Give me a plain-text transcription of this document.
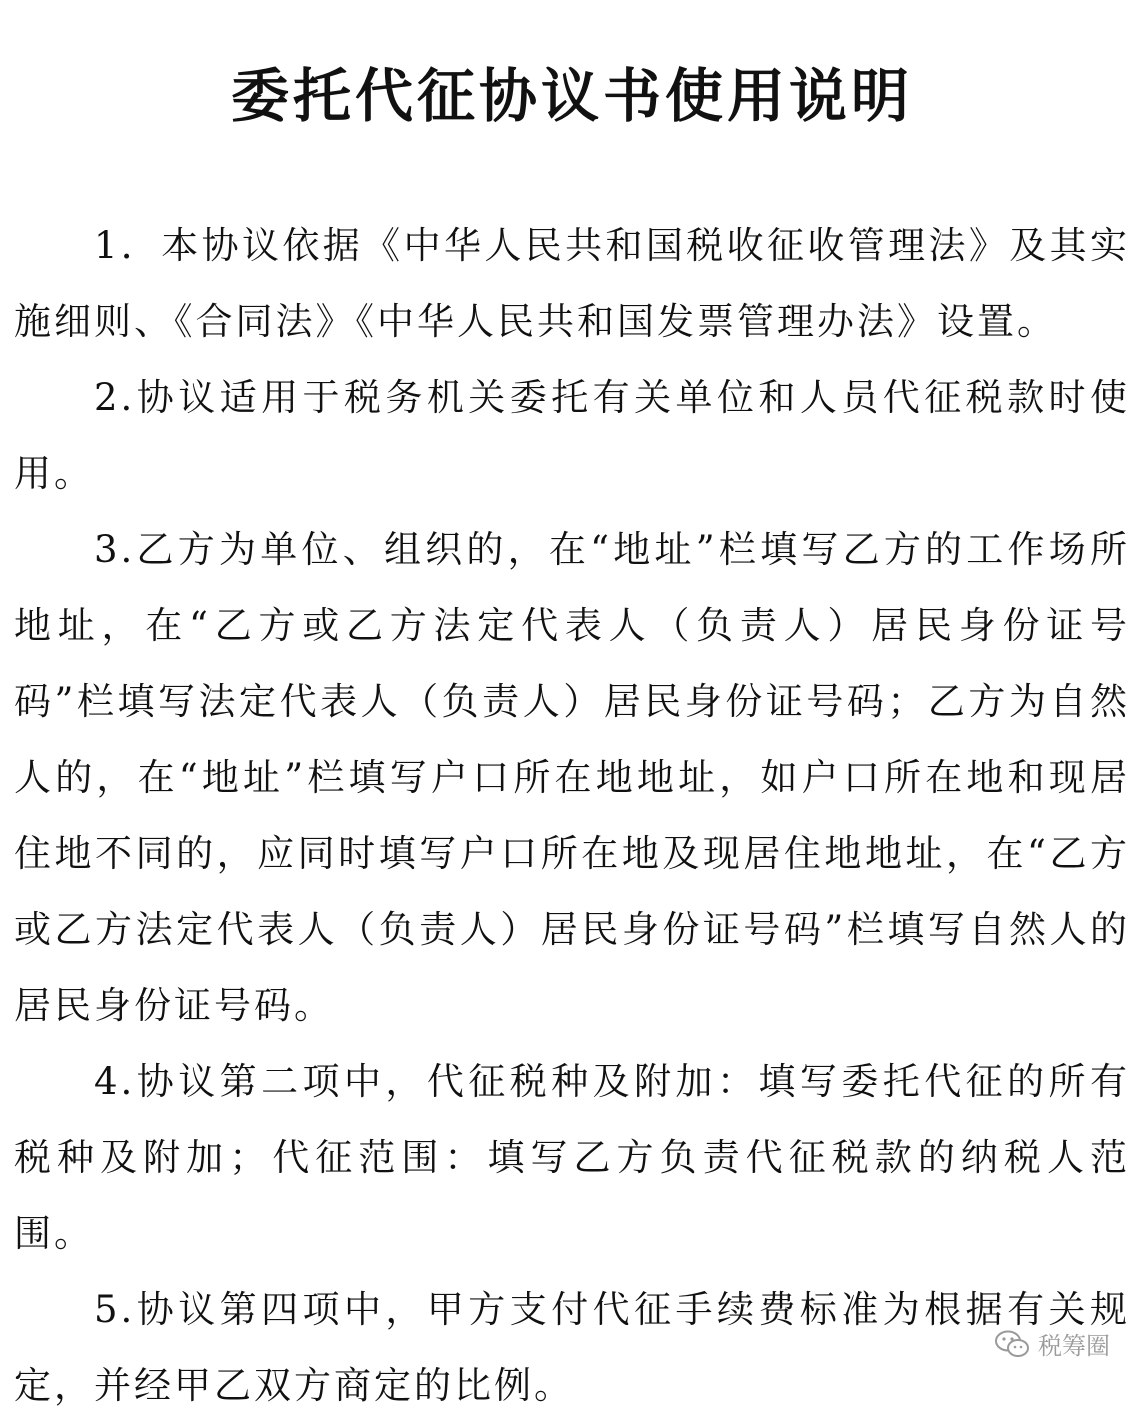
委托代征协议书使用说明

1．本协议依据《中华人民共和国税收征收管理法》及其实施细则、《合同法》《中华人民共和国发票管理办法》设置。

2.协议适用于税务机关委托有关单位和人员代征税款时使用。

3.乙方为单位、组织的，在“地址”栏填写乙方的工作场所地址，在“乙方或乙方法定代表人（负责人）居民身份证号码”栏填写法定代表人（负责人）居民身份证号码；乙方为自然人的，在“地址”栏填写户口所在地地址，如户口所在地和现居住地不同的，应同时填写户口所在地及现居住地地址，在“乙方或乙方法定代表人（负责人）居民身份证号码”栏填写自然人的居民身份证号码。

4.协议第二项中，代征税种及附加：填写委托代征的所有税种及附加；代征范围：填写乙方负责代征税款的纳税人范围。

5.协议第四项中，甲方支付代征手续费标准为根据有关规定，并经甲乙双方商定的比例。

税筹圈
